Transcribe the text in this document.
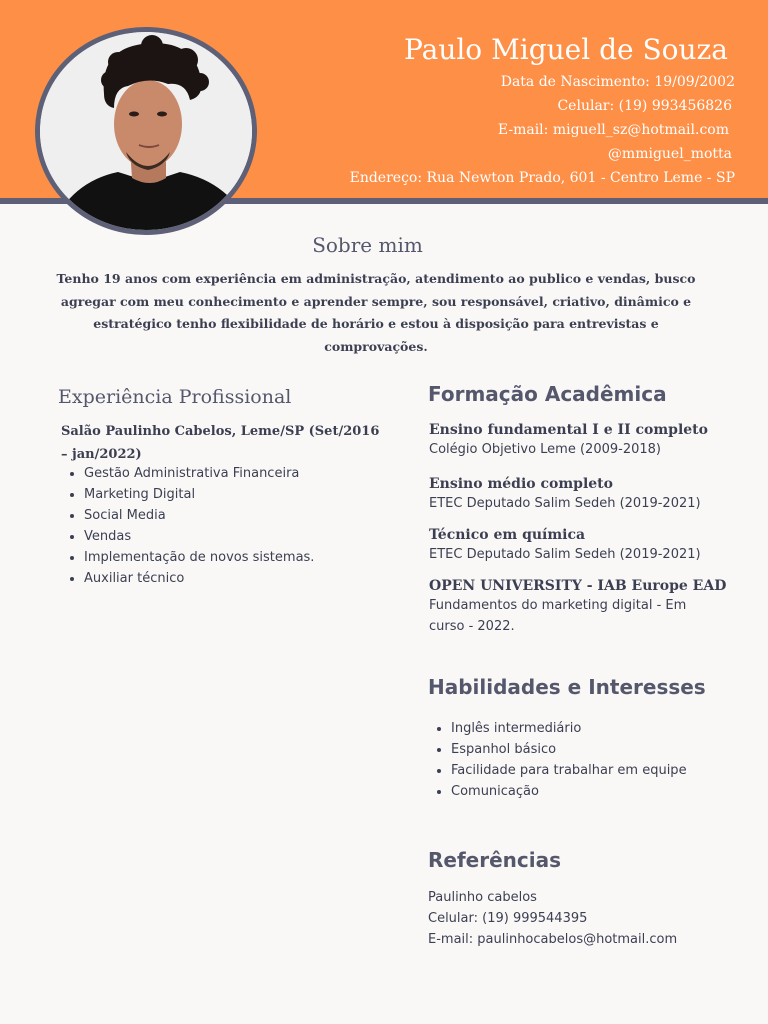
Paulo Miguel de Souza
Data de Nascimento: 19/09/2002
Celular: (19) 993456826
E-mail: miguell_sz@hotmail.com
@mmiguel_motta
Endereço: Rua Newton Prado, 601 - Centro Leme - SP
Sobre mim
Tenho 19 anos com experiência em administração, atendimento ao publico e vendas, busco agregar com meu conhecimento e aprender sempre, sou responsável, criativo, dinâmico e estratégico tenho flexibilidade de horário e estou à disposição para entrevistas e comprovações.
Experiência Profissional
Salão Paulinho Cabelos, Leme/SP (Set/2016 – jan/2022)
Gestão Administrativa Financeira
Marketing Digital
Social Media
Vendas
Implementação de novos sistemas.
Auxiliar técnico
Formação Acadêmica
Ensino fundamental I e II completo
Colégio Objetivo Leme (2009-2018)
Ensino médio completo
ETEC Deputado Salim Sedeh (2019-2021)
Técnico em química
ETEC Deputado Salim Sedeh (2019-2021)
OPEN UNIVERSITY - IAB Europe EAD
Fundamentos do marketing digital - Em curso - 2022.
Habilidades e Interesses
Inglês intermediário
Espanhol básico
Facilidade para trabalhar em equipe
Comunicação
Referências
Paulinho cabelos
Celular: (19) 999544395
E-mail: paulinhocabelos@hotmail.com
